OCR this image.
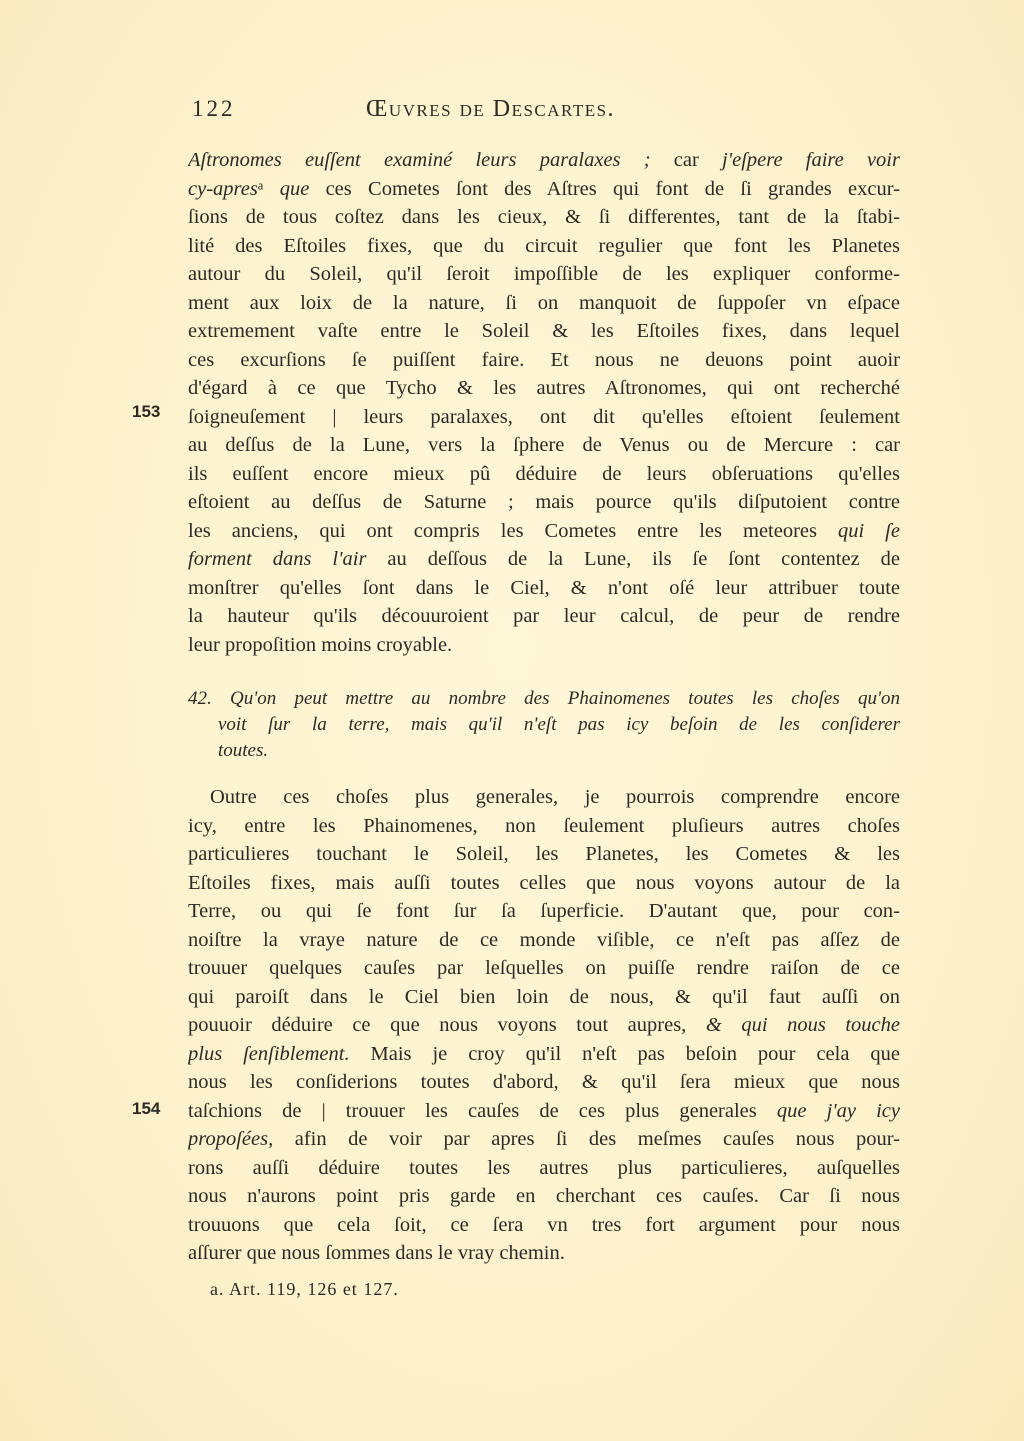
122	Œuvres de Descartes.
Aſtronomes euſſent examiné leurs paralaxes ; car j'eſpere faire voir
cy-apresᵃ que ces Cometes ſont des Aſtres qui font de ſi grandes excur-
ſions de tous coſtez dans les cieux, & ſi differentes, tant de la ſtabi-
lité des Eſtoiles fixes, que du circuit regulier que font les Planetes
autour du Soleil, qu'il ſeroit impoſſible de les expliquer conforme-
ment aux loix de la nature, ſi on manquoit de ſuppoſer vn eſpace
extremement vaſte entre le Soleil & les Eſtoiles fixes, dans lequel
ces excurſions ſe puiſſent faire. Et nous ne deuons point auoir
d'égard à ce que Tycho & les autres Aſtronomes, qui ont recherché
ſoigneuſement | leurs paralaxes, ont dit qu'elles eſtoient ſeulement
au deſſus de la Lune, vers la ſphere de Venus ou de Mercure : car
ils euſſent encore mieux pû déduire de leurs obſeruations qu'elles
eſtoient au deſſus de Saturne ; mais pource qu'ils diſputoient contre
les anciens, qui ont compris les Cometes entre les meteores qui ſe
forment dans l'air au deſſous de la Lune, ils ſe ſont contentez de
monſtrer qu'elles ſont dans le Ciel, & n'ont oſé leur attribuer toute
la hauteur qu'ils découuroient par leur calcul, de peur de rendre
leur propoſition moins croyable.
153
42. Qu'on peut mettre au nombre des Phainomenes toutes les choſes qu'on
voit ſur la terre, mais qu'il n'eſt pas icy beſoin de les conſiderer
toutes.
Outre ces choſes plus generales, je pourrois comprendre encore
icy, entre les Phainomenes, non ſeulement pluſieurs autres choſes
particulieres touchant le Soleil, les Planetes, les Cometes & les
Eſtoiles fixes, mais auſſi toutes celles que nous voyons autour de la
Terre, ou qui ſe font ſur ſa ſuperficie. D'autant que, pour con-
noiſtre la vraye nature de ce monde viſible, ce n'eſt pas aſſez de
trouuer quelques cauſes par leſquelles on puiſſe rendre raiſon de ce
qui paroiſt dans le Ciel bien loin de nous, & qu'il faut auſſi on
pouuoir déduire ce que nous voyons tout aupres, & qui nous touche
plus ſenſiblement. Mais je croy qu'il n'eſt pas beſoin pour cela que
nous les conſiderions toutes d'abord, & qu'il ſera mieux que nous
taſchions de | trouuer les cauſes de ces plus generales que j'ay icy
propoſées, afin de voir par apres ſi des meſmes cauſes nous pour-
rons auſſi déduire toutes les autres plus particulieres, auſquelles
nous n'aurons point pris garde en cherchant ces cauſes. Car ſi nous
trouuons que cela ſoit, ce ſera vn tres fort argument pour nous
aſſurer que nous ſommes dans le vray chemin.
154
a. Art. 119, 126 et 127.
